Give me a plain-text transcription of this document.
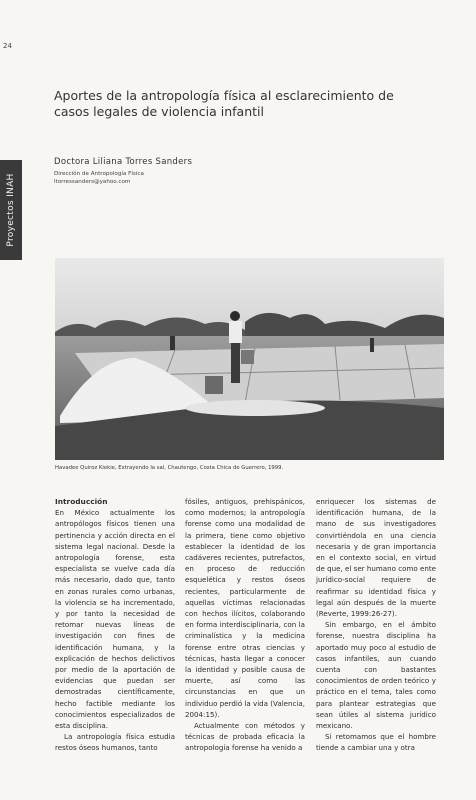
24
Proyectos INAH
Aportes de la antropología física al esclarecimiento de casos legales de violencia infantil
Doctora Liliana Torres Sanders
Dirección de Antropología Física
ltorressanders@yahoo.com
Havadee Quiroz Kiekie, Extrayendo la sal, Chautengo, Costa Chica de Guerrero, 1999.
Introducción

En México actualmente los antropólogos físicos tienen una pertinencia y acción directa en el sistema legal nacional. Desde la antropología forense, esta especialista se vuelve cada día más necesario, dado que, tanto en zonas rurales como urbanas, la violencia se ha incrementado, y por tanto la necesidad de retomar nuevas líneas de investigación con fines de identificación humana, y la explicación de hechos delictivos por medio de la aportación de evidencias que puedan ser demostradas científicamente, hecho factible mediante los conocimientos especializados de esta disciplina.

La antropología física estudia restos óseos humanos, tanto

fósiles, antiguos, prehispánicos, como modernos; la antropología forense como una modalidad de la primera, tiene como objetivo establecer la identidad de los cadáveres recientes, putrefactos, en proceso de reducción esquelética y restos óseos recientes, particularmente de aquellas víctimas relacionadas con hechos ilícitos, colaborando en forma interdisciplinaria, con la criminalística y la medicina forense entre otras ciencias y técnicas, hasta llegar a conocer la identidad y posible causa de muerte, así como las circunstancias en que un individuo perdió la vida (Valencia, 2004:15).

Actualmente con métodos y técnicas de probada eficacia la antropología forense ha venido a

enriquecer los sistemas de identificación humana, de la mano de sus investigadores convirtiéndola en una ciencia necesaria y de gran importancia en el contexto social, en virtud de que, el ser humano como ente jurídico-social requiere de reafirmar su identidad física y legal aún después de la muerte (Reverte, 1999:26-27).

Sin embargo, en el ámbito forense, nuestra disciplina ha aportado muy poco al estudio de casos infantiles, aun cuando cuenta con bastantes conocimientos de orden teórico y práctico en el tema, tales como para plantear estrategias que sean útiles al sistema jurídico mexicano.

Si retomamos que el hombre tiende a cambiar una y otra
